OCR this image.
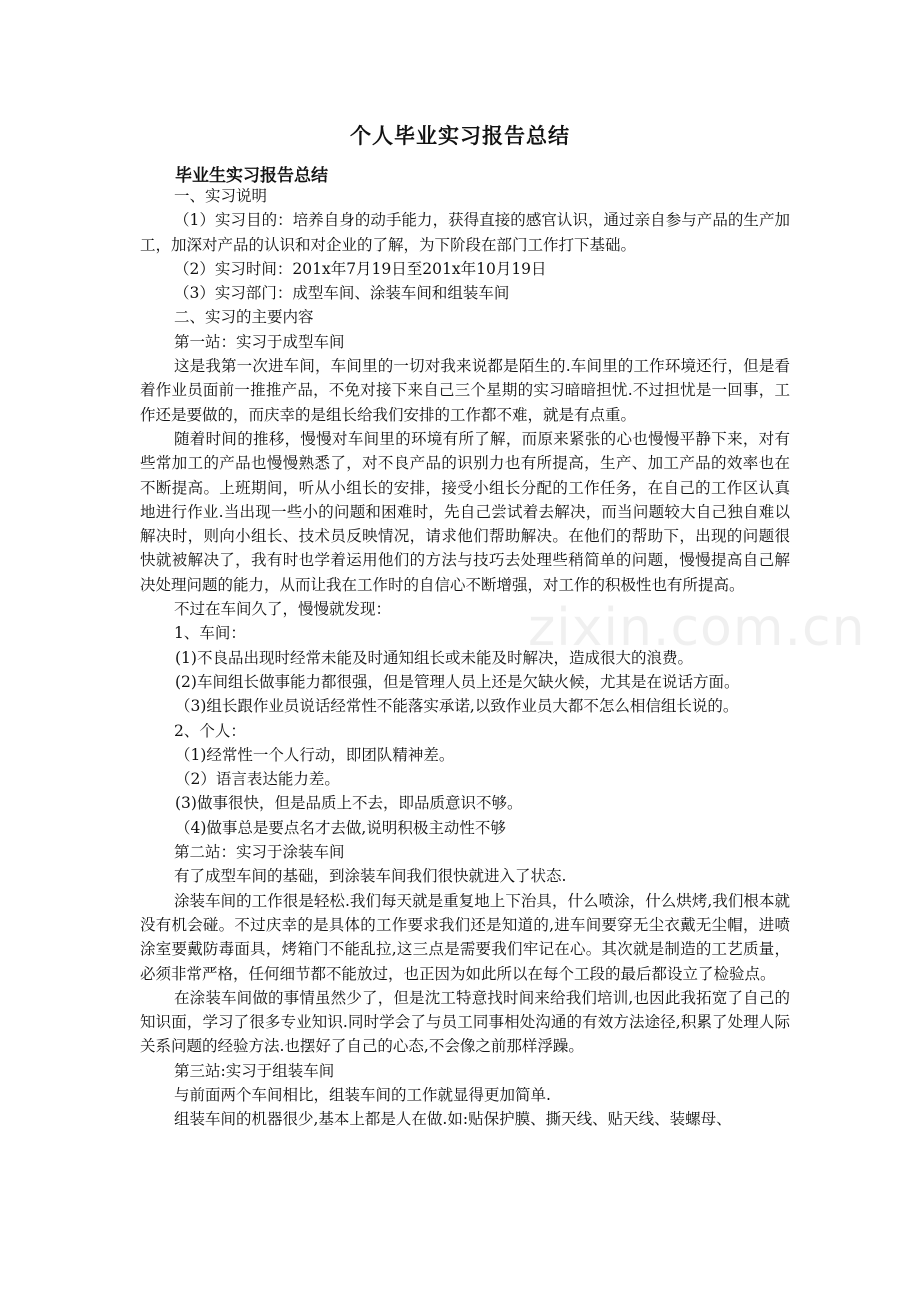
zixin.com.cn
个人毕业实习报告总结
毕业生实习报告总结

一、实习说明

（1）实习目的：培养自身的动手能力，获得直接的感官认识，通过亲自参与产品的生产加工，加深对产品的认识和对企业的了解，为下阶段在部门工作打下基础。

（2）实习时间：201x年7月19日至201x年10月19日

（3）实习部门：成型车间、涂装车间和组装车间

二、实习的主要内容

第一站：实习于成型车间

这是我第一次进车间，车间里的一切对我来说都是陌生的.车间里的工作环境还行，但是看着作业员面前一推推产品，不免对接下来自己三个星期的实习暗暗担忧.不过担忧是一回事，工作还是要做的，而庆幸的是组长给我们安排的工作都不难，就是有点重。

随着时间的推移，慢慢对车间里的环境有所了解，而原来紧张的心也慢慢平静下来，对有些常加工的产品也慢慢熟悉了，对不良产品的识别力也有所提高，生产、加工产品的效率也在不断提高。上班期间，听从小组长的安排，接受小组长分配的工作任务，在自己的工作区认真地进行作业.当出现一些小的问题和困难时，先自己尝试着去解决，而当问题较大自己独自难以解决时，则向小组长、技术员反映情况，请求他们帮助解决。在他们的帮助下，出现的问题很快就被解决了，我有时也学着运用他们的方法与技巧去处理些稍简单的问题，慢慢提高自己解决处理问题的能力，从而让我在工作时的自信心不断增强，对工作的积极性也有所提高。

不过在车间久了，慢慢就发现：

1、车间：

(1)不良品出现时经常未能及时通知组长或未能及时解决，造成很大的浪费。

(2)车间组长做事能力都很强，但是管理人员上还是欠缺火候，尤其是在说话方面。

（3)组长跟作业员说话经常性不能落实承诺,以致作业员大都不怎么相信组长说的。

2、个人：

（1)经常性一个人行动，即团队精神差。

（2）语言表达能力差。

(3)做事很快，但是品质上不去，即品质意识不够。

（4)做事总是要点名才去做,说明积极主动性不够

第二站：实习于涂装车间

有了成型车间的基础，到涂装车间我们很快就进入了状态.

涂装车间的工作很是轻松.我们每天就是重复地上下治具，什么喷涂，什么烘烤,我们根本就没有机会碰。不过庆幸的是具体的工作要求我们还是知道的,进车间要穿无尘衣戴无尘帽，进喷涂室要戴防毒面具，烤箱门不能乱拉,这三点是需要我们牢记在心。其次就是制造的工艺质量，必须非常严格，任何细节都不能放过，也正因为如此所以在每个工段的最后都设立了检验点。

在涂装车间做的事情虽然少了，但是沈工特意找时间来给我们培训,也因此我拓宽了自己的知识面，学习了很多专业知识.同时学会了与员工同事相处沟通的有效方法途径,积累了处理人际关系问题的经验方法.也摆好了自己的心态,不会像之前那样浮躁。

第三站:实习于组装车间

与前面两个车间相比，组装车间的工作就显得更加简单.

组装车间的机器很少,基本上都是人在做.如:贴保护膜、撕天线、贴天线、装螺母、
